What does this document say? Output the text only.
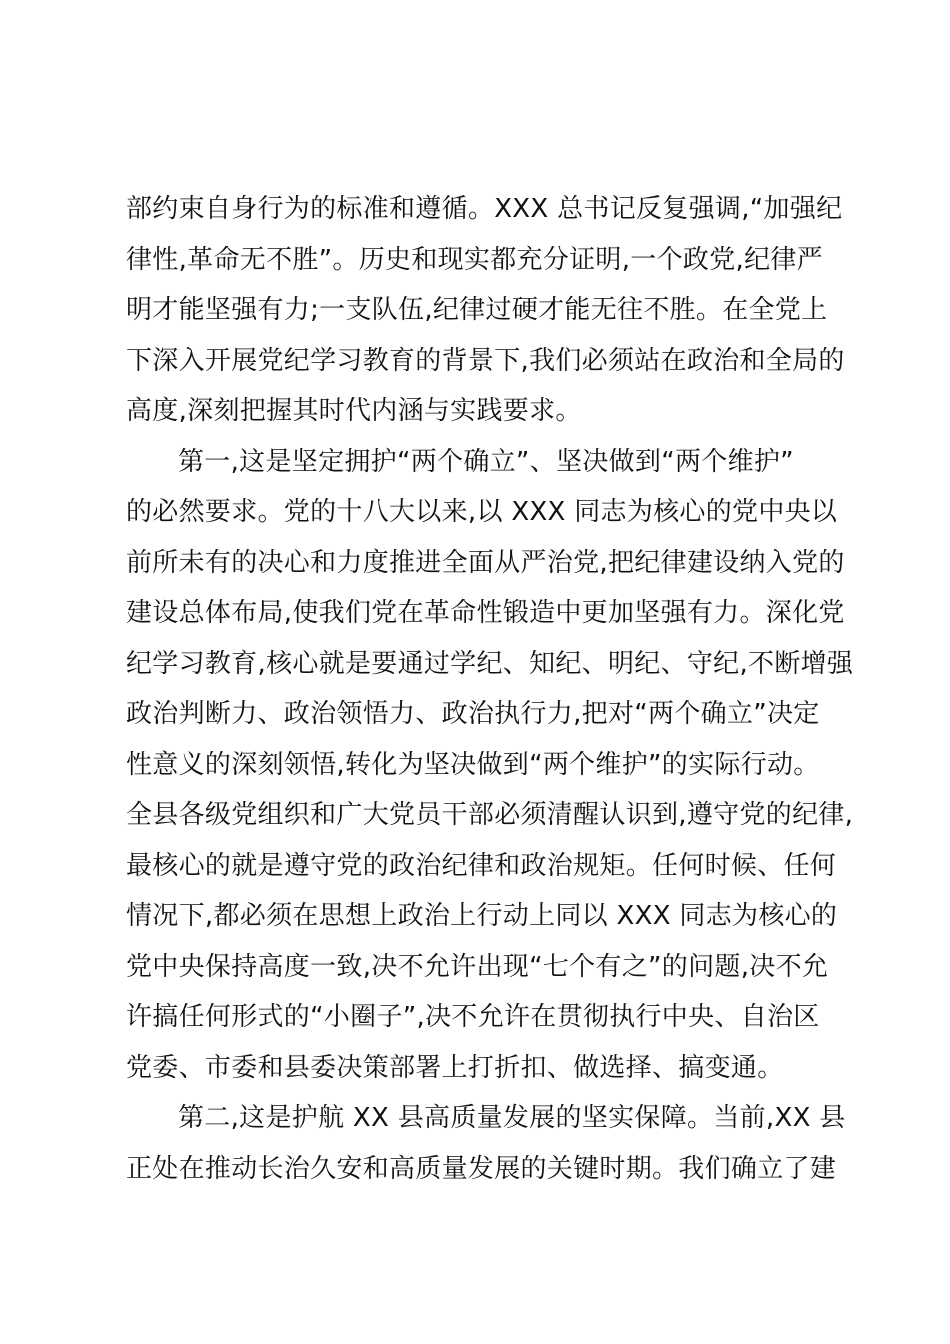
部约束自身行为的标准和遵循。XXX 总书记反复强调,“加强纪
律性,革命无不胜”。历史和现实都充分证明,一个政党,纪律严
明才能坚强有力;一支队伍,纪律过硬才能无往不胜。在全党上
下深入开展党纪学习教育的背景下,我们必须站在政治和全局的
高度,深刻把握其时代内涵与实践要求。
第一,这是坚定拥护“两个确立”、坚决做到“两个维护”
的必然要求。党的十八大以来,以 XXX 同志为核心的党中央以
前所未有的决心和力度推进全面从严治党,把纪律建设纳入党的
建设总体布局,使我们党在革命性锻造中更加坚强有力。深化党
纪学习教育,核心就是要通过学纪、知纪、明纪、守纪,不断增强
政治判断力、政治领悟力、政治执行力,把对“两个确立”决定
性意义的深刻领悟,转化为坚决做到“两个维护”的实际行动。
全县各级党组织和广大党员干部必须清醒认识到,遵守党的纪律,
最核心的就是遵守党的政治纪律和政治规矩。任何时候、任何
情况下,都必须在思想上政治上行动上同以 XXX 同志为核心的
党中央保持高度一致,决不允许出现“七个有之”的问题,决不允
许搞任何形式的“小圈子”,决不允许在贯彻执行中央、自治区
党委、市委和县委决策部署上打折扣、做选择、搞变通。
第二,这是护航 XX 县高质量发展的坚实保障。当前,XX 县
正处在推动长治久安和高质量发展的关键时期。我们确立了建
